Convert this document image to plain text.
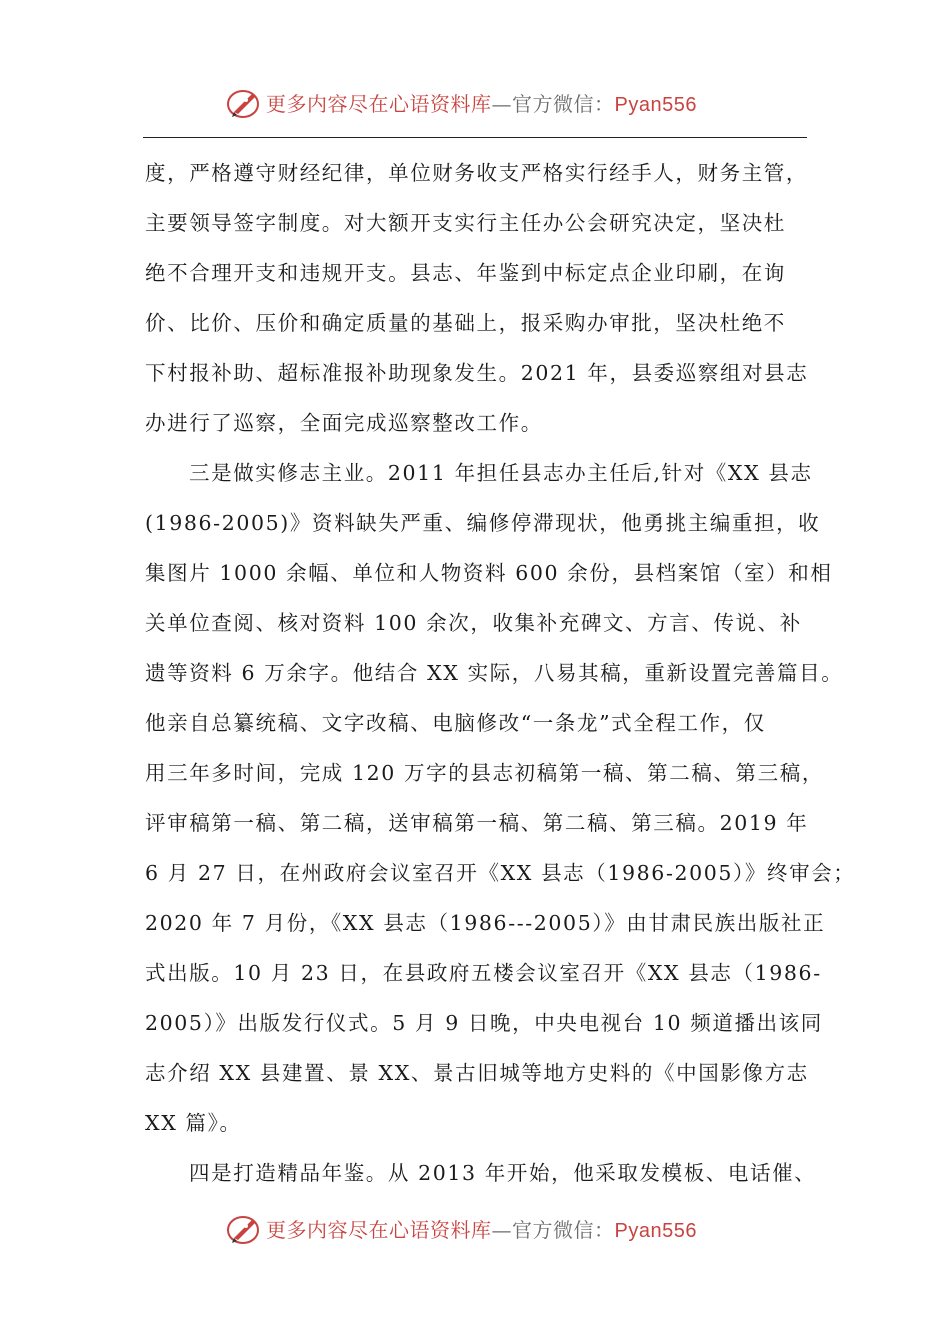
更多内容尽在心语资料库—官方微信：Pyan556
度，严格遵守财经纪律，单位财务收支严格实行经手人，财务主管，
主要领导签字制度。对大额开支实行主任办公会研究决定，坚决杜
绝不合理开支和违规开支。县志、年鉴到中标定点企业印刷，在询
价、比价、压价和确定质量的基础上，报采购办审批，坚决杜绝不
下村报补助、超标准报补助现象发生。2021 年，县委巡察组对县志
办进行了巡察，全面完成巡察整改工作。
三是做实修志主业。2011 年担任县志办主任后,针对《XX 县志
(1986-2005)》资料缺失严重、编修停滞现状，他勇挑主编重担，收
集图片 1000 余幅、单位和人物资料 600 余份，县档案馆（室）和相
关单位查阅、核对资料 100 余次，收集补充碑文、方言、传说、补
遗等资料 6 万余字。他结合 XX 实际，八易其稿，重新设置完善篇目。
他亲自总纂统稿、文字改稿、电脑修改“一条龙”式全程工作，仅
用三年多时间，完成 120 万字的县志初稿第一稿、第二稿、第三稿，
评审稿第一稿、第二稿，送审稿第一稿、第二稿、第三稿。2019 年
6 月 27 日，在州政府会议室召开《XX 县志（1986-2005）》终审会；
2020 年 7 月份，《XX 县志（1986---2005）》由甘肃民族出版社正
式出版。10 月 23 日，在县政府五楼会议室召开《XX 县志（1986-
2005）》出版发行仪式。5 月 9 日晚，中央电视台 10 频道播出该同
志介绍 XX 县建置、景 XX、景古旧城等地方史料的《中国影像方志
XX 篇》。
四是打造精品年鉴。从 2013 年开始，他采取发模板、电话催、
更多内容尽在心语资料库—官方微信：Pyan556
